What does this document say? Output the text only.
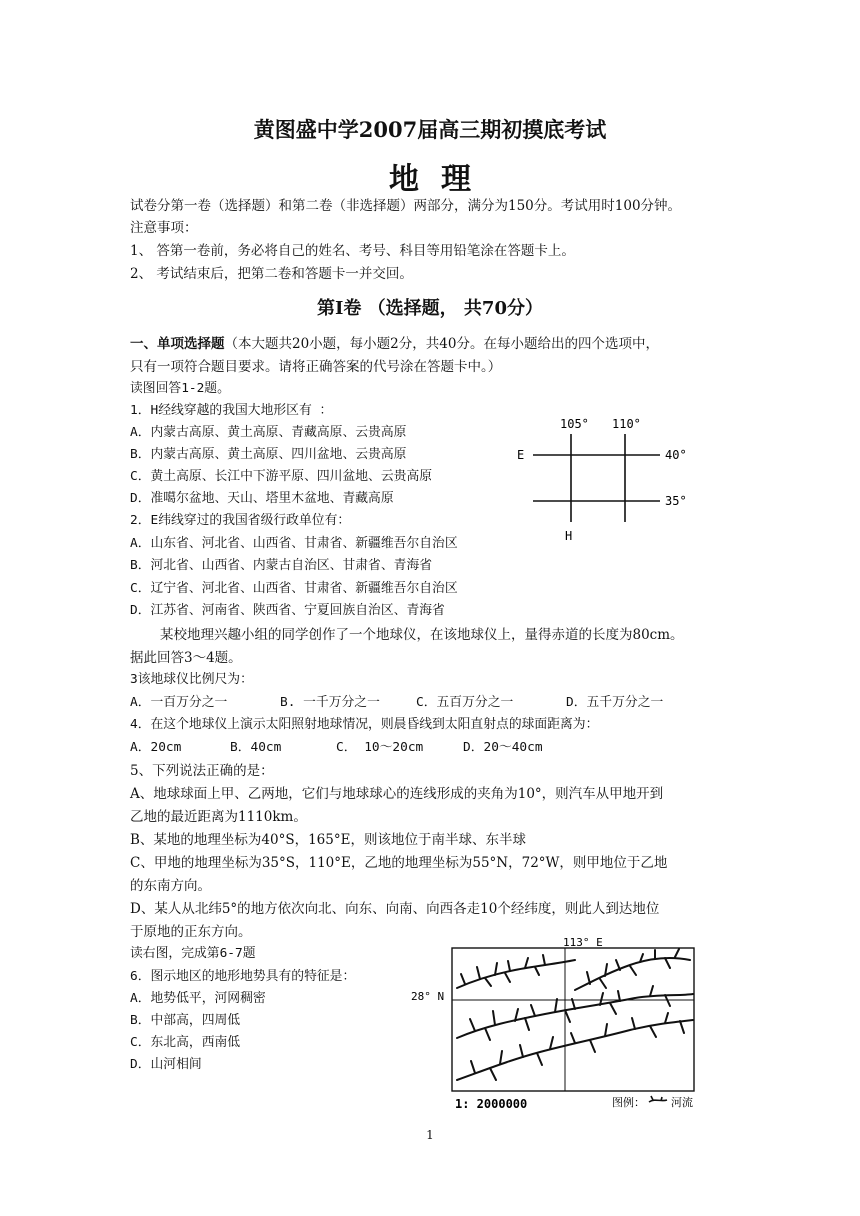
黄图盛中学2007届高三期初摸底考试
地理
试卷分第一卷（选择题）和第二卷（非选择题）两部分，满分为150分。考试用时100分钟。
注意事项：
1、 答第一卷前，务必将自己的姓名、考号、科目等用铅笔涂在答题卡上。
2、 考试结束后，把第二卷和答题卡一并交回。
第Ⅰ卷 （选择题， 共70分）
一、单项选择题（本大题共20小题，每小题2分，共40分。在每小题给出的四个选项中，
只有一项符合题目要求。请将正确答案的代号涂在答题卡中。）
读图回答1-2题。
1．H经线穿越的我国大地形区有 ：
A．内蒙古高原、黄土高原、青藏高原、云贵高原
B．内蒙古高原、黄土高原、四川盆地、云贵高原
C．黄土高原、长江中下游平原、四川盆地、云贵高原
D．准噶尔盆地、天山、塔里木盆地、青藏高原
2．E纬线穿过的我国省级行政单位有：
A．山东省、河北省、山西省、甘肃省、新疆维吾尔自治区
B．河北省、山西省、内蒙古自治区、甘肃省、青海省
C．辽宁省、河北省、山西省、甘肃省、新疆维吾尔自治区
D．江苏省、河南省、陕西省、宁夏回族自治区、青海省
105° 110°
E	40°
35°
H
某校地理兴趣小组的同学创作了一个地球仪，在该地球仪上，量得赤道的长度为80cm。
据此回答3～4题。
3该地球仪比例尺为：
A．一百万分之一	B. 一千万分之一	C．五百万分之一	D．五千万分之一
4．在这个地球仪上演示太阳照射地球情况，则晨昏线到太阳直射点的球面距离为：
A．20cm	B．40cm	C． 10～20cm	D．20～40cm
5、下列说法正确的是：
A、地球球面上甲、乙两地，它们与地球球心的连线形成的夹角为10°，则汽车从甲地开到
乙地的最近距离为1110km。
B、某地的地理坐标为40°S，165°E，则该地位于南半球、东半球
C、甲地的地理坐标为35°S，110°E，乙地的地理坐标为55°N，72°W，则甲地位于乙地
的东南方向。
D、某人从北纬5°的地方依次向北、向东、向南、向西各走10个经纬度，则此人到达地位
于原地的正东方向。
读右图，完成第6-7题
6．图示地区的地形地势具有的特征是：
A．地势低平，河网稠密
B．中部高，四周低
C．东北高，西南低
D．山河相间
113° E
28° N
1: 2000000	图例： 河流
1
